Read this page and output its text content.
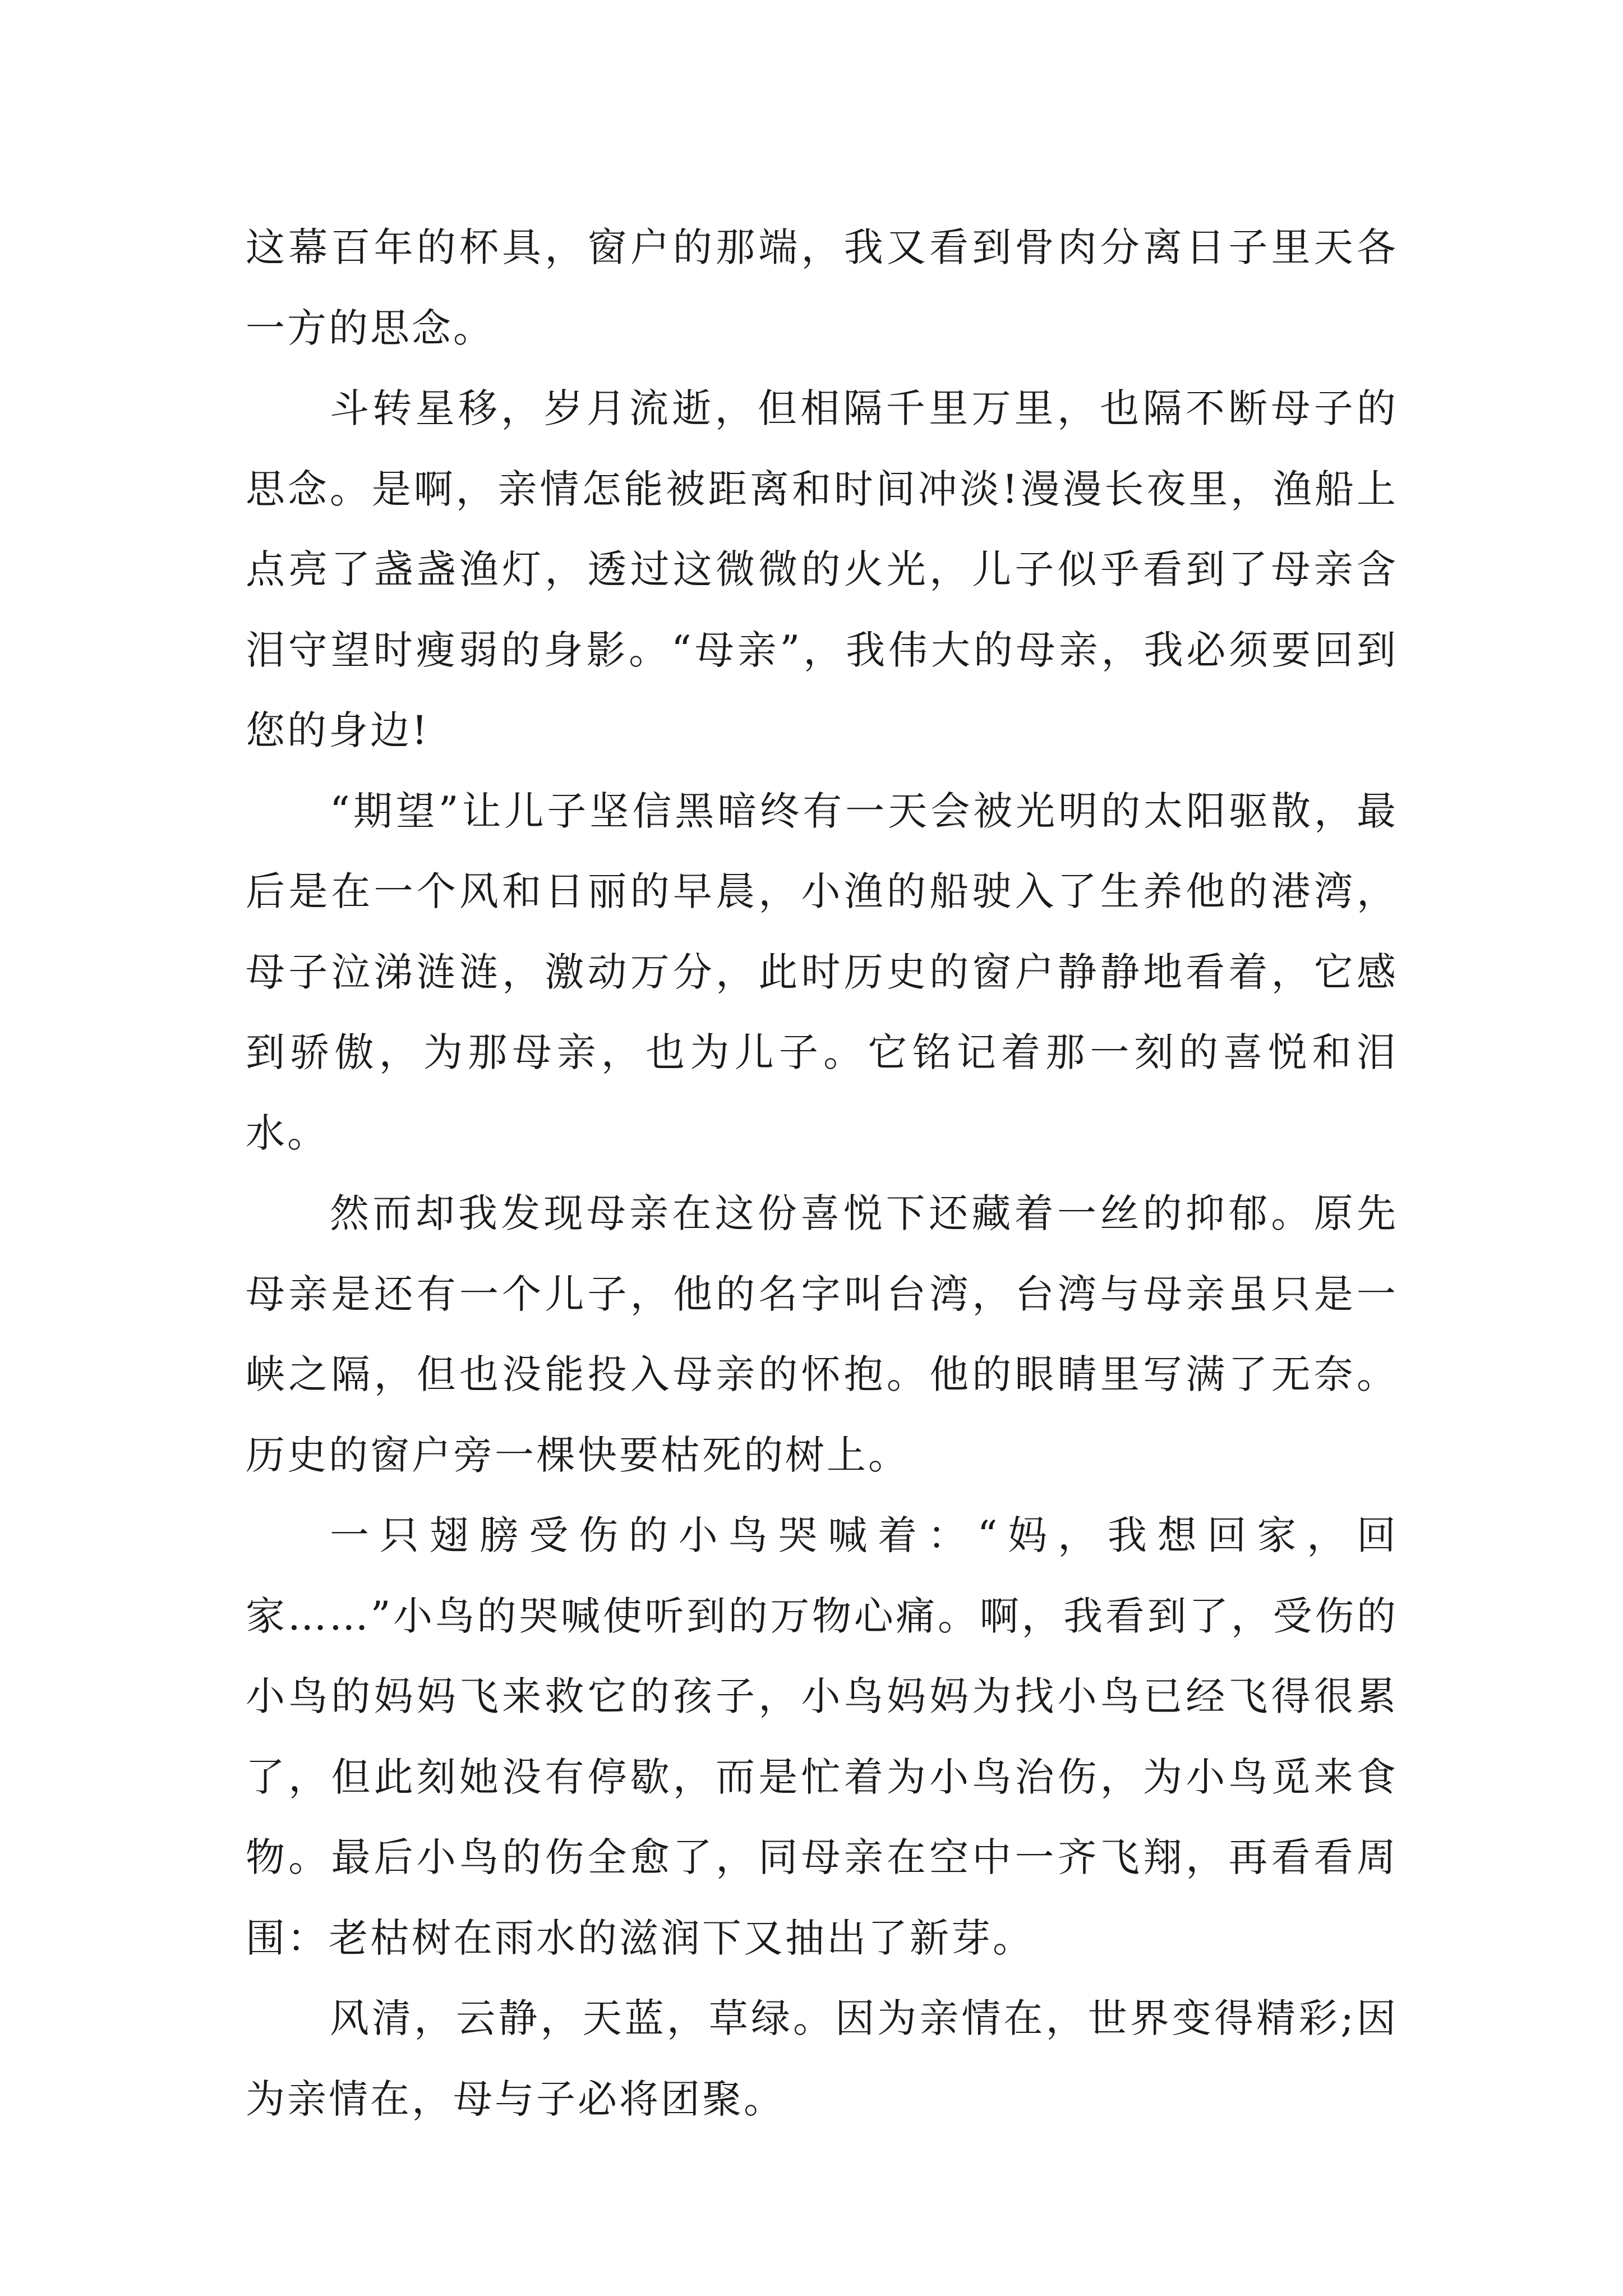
这幕百年的杯具，窗户的那端，我又看到骨肉分离日子里天各一方的思念。

斗转星移，岁月流逝，但相隔千里万里，也隔不断母子的思念。是啊，亲情怎能被距离和时间冲淡!漫漫长夜里，渔船上点亮了盏盏渔灯，透过这微微的火光，儿子似乎看到了母亲含泪守望时瘦弱的身影。“母亲”，我伟大的母亲，我必须要回到您的身边!

“期望”让儿子坚信黑暗终有一天会被光明的太阳驱散，最后是在一个风和日丽的早晨，小渔的船驶入了生养他的港湾，母子泣涕涟涟，激动万分，此时历史的窗户静静地看着，它感到骄傲，为那母亲，也为儿子。它铭记着那一刻的喜悦和泪水。

然而却我发现母亲在这份喜悦下还藏着一丝的抑郁。原先母亲是还有一个儿子，他的名字叫台湾，台湾与母亲虽只是一峡之隔，但也没能投入母亲的怀抱。他的眼睛里写满了无奈。历史的窗户旁一棵快要枯死的树上。

一只翅膀受伤的小鸟哭喊着：“妈，我想回家，回家……”小鸟的哭喊使听到的万物心痛。啊，我看到了，受伤的小鸟的妈妈飞来救它的孩子，小鸟妈妈为找小鸟已经飞得很累了，但此刻她没有停歇，而是忙着为小鸟治伤，为小鸟觅来食物。最后小鸟的伤全愈了，同母亲在空中一齐飞翔，再看看周围：老枯树在雨水的滋润下又抽出了新芽。

风清，云静，天蓝，草绿。因为亲情在，世界变得精彩;因为亲情在，母与子必将团聚。
